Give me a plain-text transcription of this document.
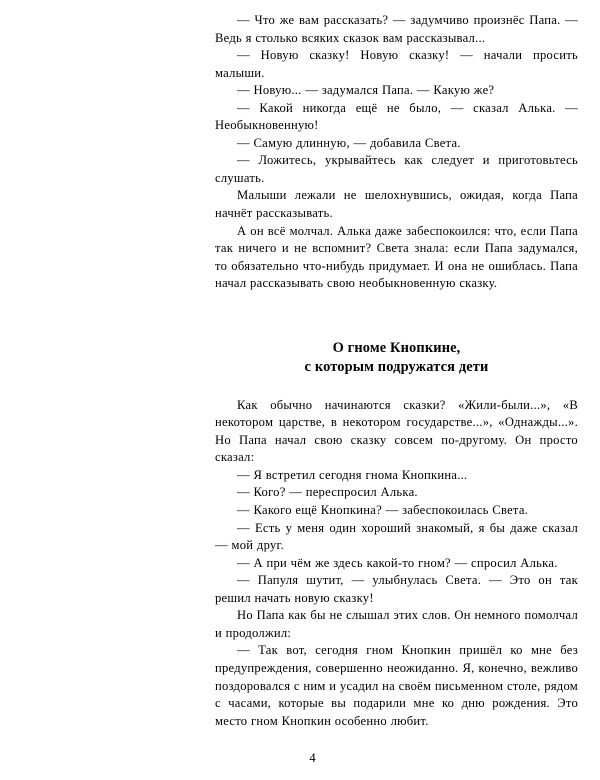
— Что же вам рассказать? — задумчиво произнёс Папа. — Ведь я столько всяких сказок вам рассказывал...

— Новую сказку! Новую сказку! — начали просить малыши.

— Новую... — задумался Папа. — Какую же?

— Какой никогда ещё не было, — сказал Алька. — Необыкновенную!

— Самую длинную, — добавила Света.

— Ложитесь, укрывайтесь как следует и приготовьтесь слушать.

Малыши лежали не шелохнувшись, ожидая, когда Папа начнёт рассказывать.

А он всё молчал. Алька даже забеспокоился: что, если Папа так ничего и не вспомнит? Света знала: если Папа задумался, то обязательно что-нибудь придумает. И она не ошиблась. Папа начал рассказывать свою необыкновенную сказку.

О гноме Кнопкине,
с которым подружатся дети

Как обычно начинаются сказки? «Жили-были...», «В некотором царстве, в некотором государстве...», «Однажды...». Но Папа начал свою сказку совсем по-другому. Он просто сказал:

— Я встретил сегодня гнома Кнопкина...

— Кого? — переспросил Алька.

— Какого ещё Кнопкина? — забеспокоилась Света.

— Есть у меня один хороший знакомый, я бы даже сказал — мой друг.

— А при чём же здесь какой-то гном? — спросил Алька.

— Папуля шутит, — улыбнулась Света. — Это он так решил начать новую сказку!

Но Папа как бы не слышал этих слов. Он немного помолчал и продолжил:

— Так вот, сегодня гном Кнопкин пришёл ко мне без предупреждения, совершенно неожиданно. Я, конечно, вежливо поздоровался с ним и усадил на своём письменном столе, рядом с часами, которые вы подарили мне ко дню рождения. Это место гном Кнопкин особенно любит.

4
